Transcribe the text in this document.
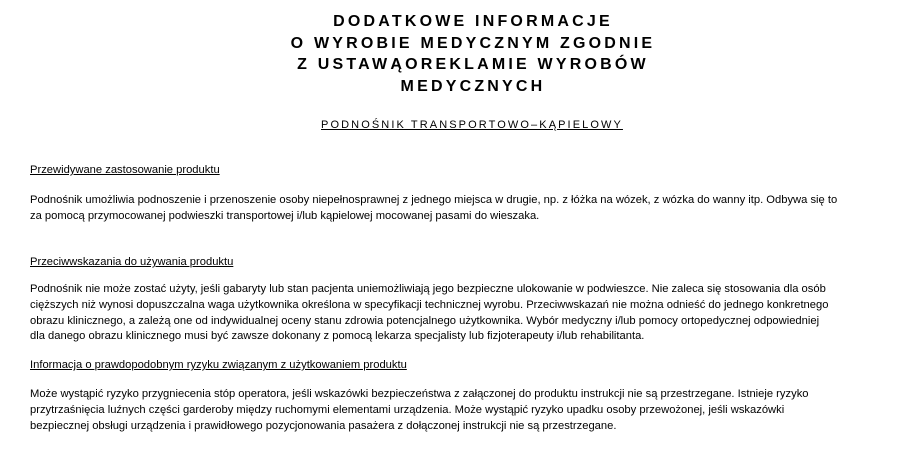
DODATKOWE INFORMACJE
O WYROBIE MEDYCZNYM ZGODNIE
Z USTAWĄOREKLAMIE WYROBÓW
MEDYCZNYCH

PODNOŚNIK TRANSPORTOWO–KĄPIELOWY

Przewidywane zastosowanie produktu

Podnośnik umożliwia podnoszenie i przenoszenie osoby niepełnosprawnej z jednego miejsca w drugie, np. z łóżka na wózek, z wózka do wanny itp. Odbywa się to
za pomocą przymocowanej podwieszki transportowej i/lub kąpielowej mocowanej pasami do wieszaka.

Przeciwwskazania do używania produktu

Podnośnik nie może zostać użyty, jeśli gabaryty lub stan pacjenta uniemożliwiają jego bezpieczne ulokowanie w podwieszce. Nie zaleca się stosowania dla osób
cięższych niż wynosi dopuszczalna waga użytkownika określona w specyfikacji technicznej wyrobu. Przeciwwskazań nie można odnieść do jednego konkretnego
obrazu klinicznego, a zależą one od indywidualnej oceny stanu zdrowia potencjalnego użytkownika. Wybór medyczny i/lub pomocy ortopedycznej odpowiedniej
dla danego obrazu klinicznego musi być zawsze dokonany z pomocą lekarza specjalisty lub fizjoterapeuty i/lub rehabilitanta.

Informacja o prawdopodobnym ryzyku związanym z użytkowaniem produktu

Może wystąpić ryzyko przygniecenia stóp operatora, jeśli wskazówki bezpieczeństwa z załączonej do produktu instrukcji nie są przestrzegane. Istnieje ryzyko
przytrzaśnięcia luźnych części garderoby między ruchomymi elementami urządzenia. Może wystąpić ryzyko upadku osoby przewożonej, jeśli wskazówki
bezpiecznej obsługi urządzenia i prawidłowego pozycjonowania pasażera z dołączonej instrukcji nie są przestrzegane.
